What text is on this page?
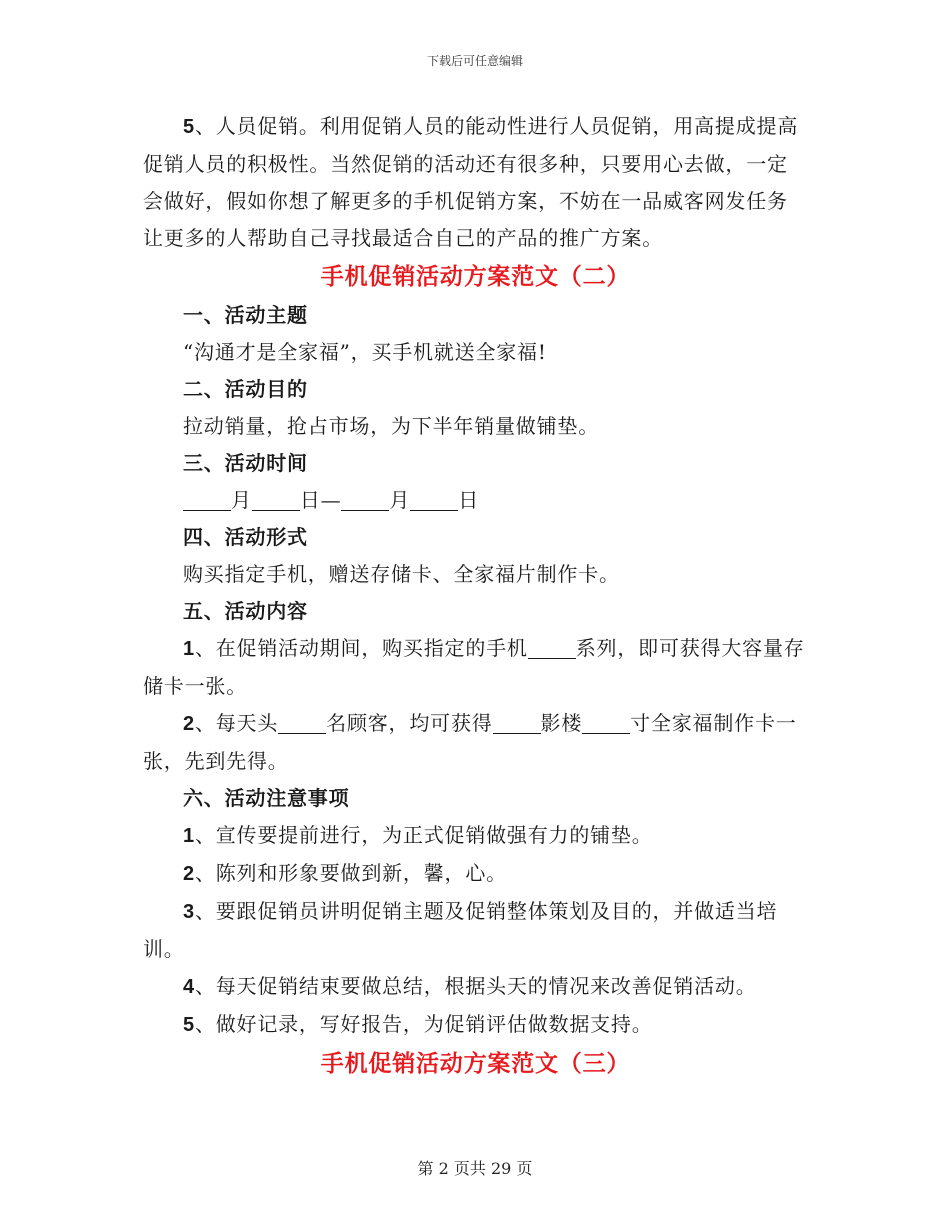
下载后可任意编辑

5、人员促销。利用促销人员的能动性进行人员促销，用高提成提高促销人员的积极性。当然促销的活动还有很多种，只要用心去做，一定会做好，假如你想了解更多的手机促销方案，不妨在一品威客网发任务让更多的人帮助自己寻找最适合自己的产品的推广方案。

手机促销活动方案范文（二）

一、活动主题

“沟通才是全家福”，买手机就送全家福!

二、活动目的

拉动销量，抢占市场，为下半年销量做铺垫。

三、活动时间

月 日— 月 日

四、活动形式

购买指定手机，赠送存储卡、全家福片制作卡。

五、活动内容

1、在促销活动期间，购买指定的手机 系列，即可获得大容量存储卡一张。

2、每天头 名顾客，均可获得 影楼 寸全家福制作卡一张，先到先得。

六、活动注意事项

1、宣传要提前进行，为正式促销做强有力的铺垫。

2、陈列和形象要做到新，馨，心。

3、要跟促销员讲明促销主题及促销整体策划及目的，并做适当培训。

4、每天促销结束要做总结，根据头天的情况来改善促销活动。

5、做好记录，写好报告，为促销评估做数据支持。

手机促销活动方案范文（三）

第 2 页共 29 页
